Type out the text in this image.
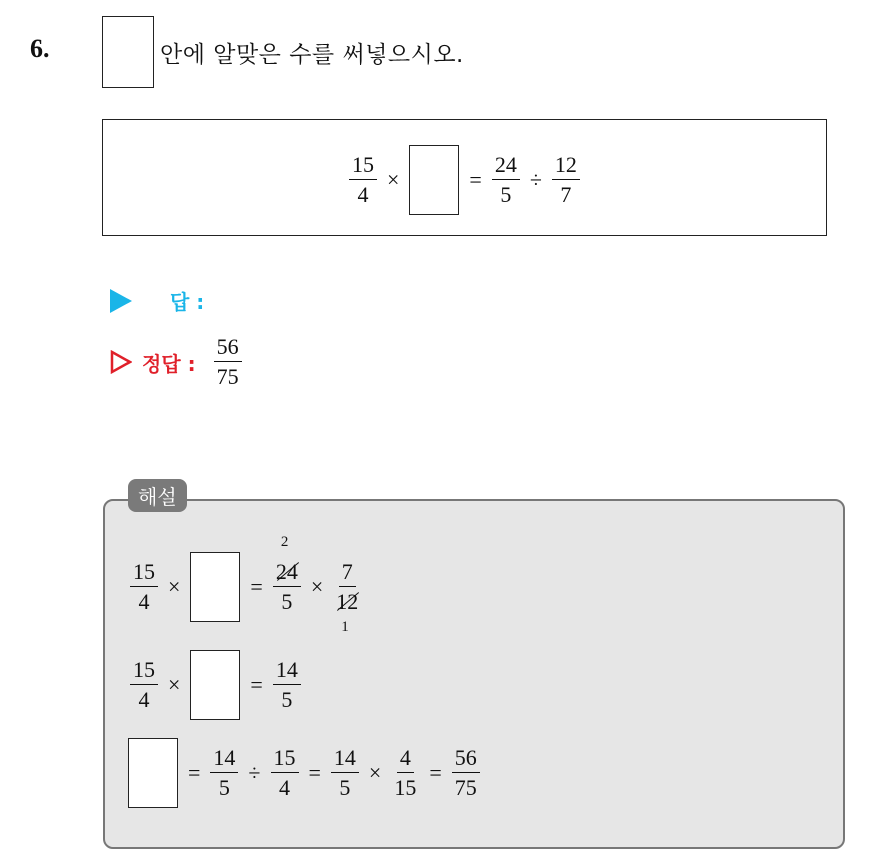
6.	안에 알맞은 수를 써넣으시오.
$\frac{15}{4}$ ×	= $\frac{24}{5} \div \frac{12}{7}$
답 :
정답 : $\frac{56}{75}$
해설
$\frac{15}{4}$ ×	= 2
24
5 × 7
12
1
$\frac{15}{4}$ ×	= $\frac{14}{5}$
= $\frac{14}{5} \div \frac{15}{4} = \frac{14}{5} \times \frac{4}{15} = \frac{56}{75}$
